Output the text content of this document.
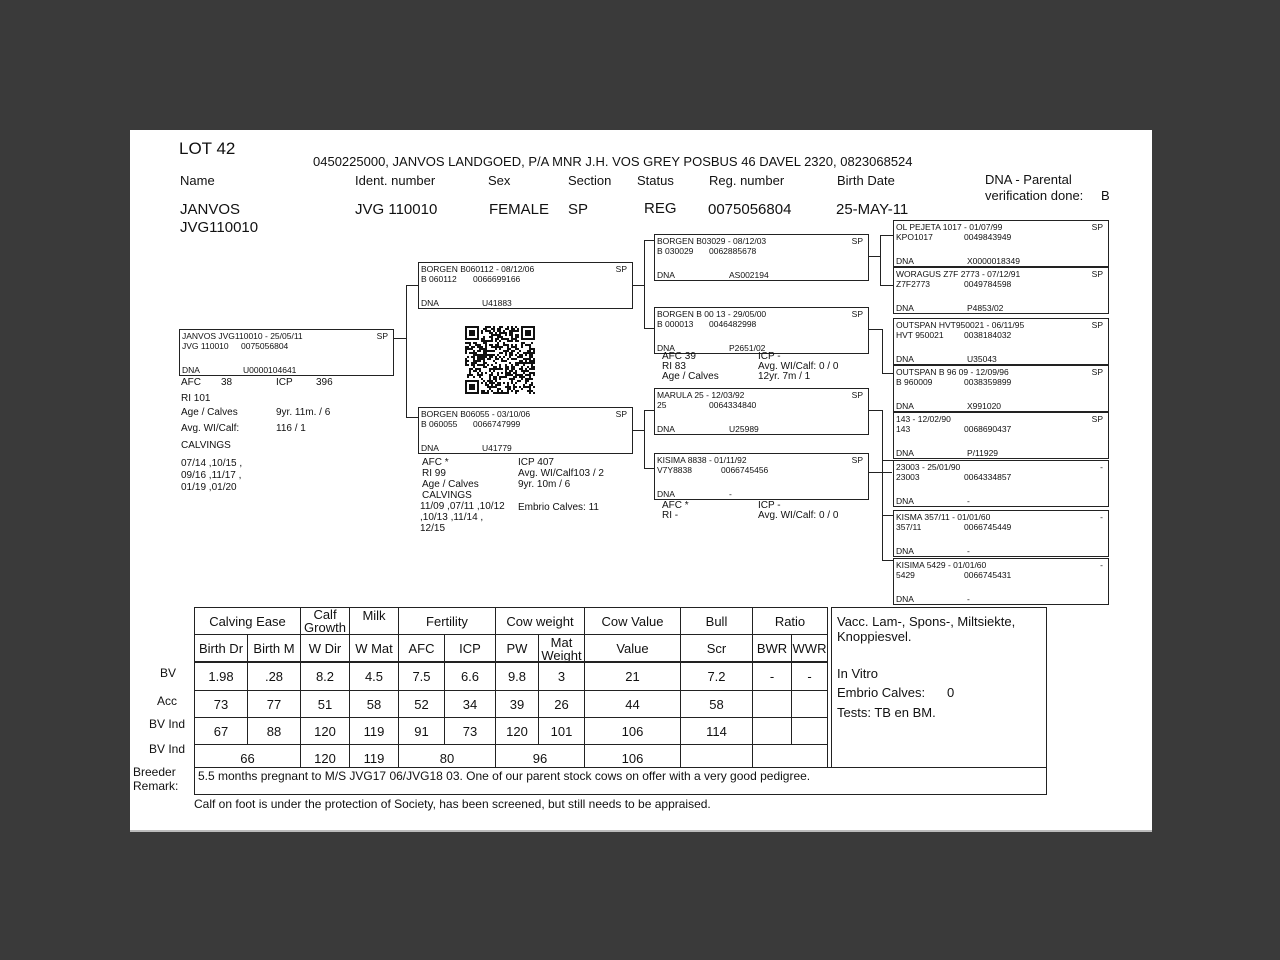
LOT 42
0450225000, JANVOS LANDGOED, P/A MNR J.H. VOS GREY POSBUS 46 DAVEL 2320, 0823068524
Name	Ident. number	Sex	Section Status	Reg. number	Birth Date	DNA - Parental
verification done: B
JANVOS
JVG110010
JVG 110010	FEMALE SP	REG 0075056804	25-MAY-11
JANVOS JVG110010 - 25/05/11	SP
JVG 110010 0075056804
DNA	U0000104641
AFC 38	ICP 396
RI 101
Age / Calves	9yr. 11m. / 6
Avg. WI/Calf:	116 / 1
CALVINGS
07/14 ,10/15 ,
09/16 ,11/17 ,
01/19 ,01/20
BORGEN B060112 - 08/12/06	SP
B 060112 0066699166
DNA	U41883
BORGEN B06055 - 03/10/06	SP
B 060055 0066747999
DNA	U41779
AFC *	ICP 407
RI 99	Avg. WI/Calf103 / 2
Age / Calves	9yr. 10m / 6
CALVINGS
11/09 ,07/11 ,10/12
,10/13 ,11/14 ,
12/15
Embrio Calves: 11
BORGEN B03029 - 08/12/03	SP
B 030029 0062885678
DNA	AS002194
BORGEN B 00 13 - 29/05/00	SP
B 000013 0046482998
DNA	P2651/02
AFC 39	ICP -
RI 83	Avg. WI/Calf: 0 / 0
Age / Calves	12yr. 7m / 1
MARULA 25 - 12/03/92	SP
25	0064334840
DNA	U25989
KISIMA 8838 - 01/11/92	SP
V7Y8838	0066745456
DNA	-
AFC *	ICP -
RI -	Avg. WI/Calf: 0 / 0
OL PEJETA 1017 - 01/07/99	SP
KPO1017	0049843949
DNA	X0000018349
WORAGUS Z7F 2773 - 07/12/91	SP
Z7F2773	0049784598
DNA	P4853/02
OUTSPAN HVT950021 - 06/11/95	SP
HVT 950021 0038184032
DNA	U35043
OUTSPAN B 96 09 - 12/09/96	SP
B 960009	0038359899
DNA	X991020
143 - 12/02/90	SP
143	0068690437
DNA	P/11929
23003 - 25/01/90	-
23003	0064334857
DNA	-
KISMA 357/11 - 01/01/60	-
357/11	0066745449
DNA	-
KISIMA 5429 - 01/01/60	-
5429	0066745431
DNA	-
	Calving Ease		Calf
Growth	Milk	Fertility		Cow weight		Cow Value	Bull	Ratio	
	Birth Dr	Birth M	W Dir	W Mat	AFC	ICP	PW	Mat
Weight	Value	Scr	BWR	WWR
BV
Acc
BV Ind
BV Ind
1.98	.28	8.2	4.5	7.5	6.6	9.8	3	21	7.2	-	-
73	77	51	58	52	34	39	26	44	58		
67	88	120	119	91	73	120	101	106	114		
66		120	119	80		96		106			
Vacc. Lam-, Spons-, Miltsiekte,
Knoppiesvel.
In Vitro
Embrio Calves: 0
Tests: TB en BM.
Breeder
Remark:
5.5 months pregnant to M/S JVG17 06/JVG18 03. One of our parent stock cows on offer with a very good pedigree.
Calf on foot is under the protection of Society, has been screened, but still needs to be appraised.
